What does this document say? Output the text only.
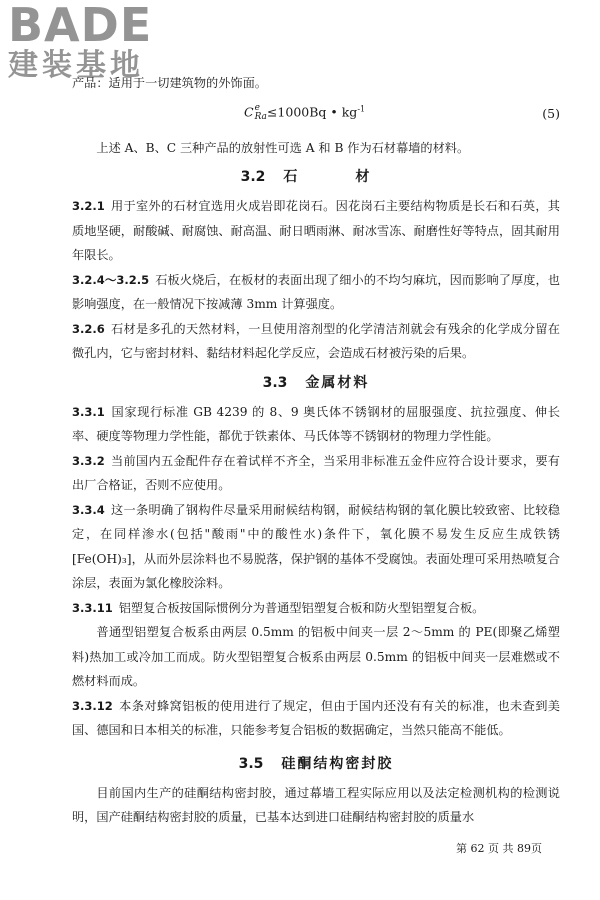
BADE
建装基地

产品：适用于一切建筑物的外饰面。

C e
Ra ≤1000Bq • $kg^{-1}$	(5)

上述 A、B、C 三种产品的放射性可选 A 和 B 作为石材幕墙的材料。

3.2 石　材

3.2.1 用于室外的石材宜选用火成岩即花岗石。因花岗石主要结构物质是长石和石英，其质地坚硬，耐酸碱、耐腐蚀、耐高温、耐日晒雨淋、耐冰雪冻、耐磨性好等特点，固其耐用年限长。

3.2.4～3.2.5 石板火烧后，在板材的表面出现了细小的不均匀麻坑，因而影响了厚度，也影响强度，在一般情况下按减薄 3mm 计算强度。

3.2.6 石材是多孔的天然材料，一旦使用溶剂型的化学清洁剂就会有残余的化学成分留在微孔内，它与密封材料、黏结材料起化学反应，会造成石材被污染的后果。

3.3 金属材料

3.3.1 国家现行标准 GB 4239 的 8、9 奥氏体不锈钢材的屈服强度、抗拉强度、伸长率、硬度等物理力学性能，都优于铁素体、马氏体等不锈钢材的物理力学性能。

3.3.2 当前国内五金配件存在着试样不齐全，当采用非标准五金件应符合设计要求，要有出厂合格证，否则不应使用。

3.3.4 这一条明确了钢构件尽量采用耐候结构钢，耐候结构钢的氧化膜比较致密、比较稳定，在同样渗水(包括"酸雨"中的酸性水)条件下，氧化膜不易发生反应生成铁锈[Fe(OH)₃]，从而外层涂料也不易脱落，保护钢的基体不受腐蚀。表面处理可采用热喷复合涂层，表面为氯化橡胶涂料。

3.3.11 铝塑复合板按国际惯例分为普通型铝塑复合板和防火型铝塑复合板。

普通型铝塑复合板系由两层 0.5mm 的铝板中间夹一层 2～5mm 的 PE(即聚乙烯塑料)热加工或冷加工而成。防火型铝塑复合板系由两层 0.5mm 的铝板中间夹一层难燃或不燃材料而成。

3.3.12 本条对蜂窝铝板的使用进行了规定，但由于国内还没有有关的标准，也未查到美国、德国和日本相关的标准，只能参考复合铝板的数据确定，当然只能高不能低。

3.5 硅酮结构密封胶

目前国内生产的硅酮结构密封胶，通过幕墙工程实际应用以及法定检测机构的检测说明，国产硅酮结构密封胶的质量，已基本达到进口硅酮结构密封胶的质量水

第 62 页 共 89页
